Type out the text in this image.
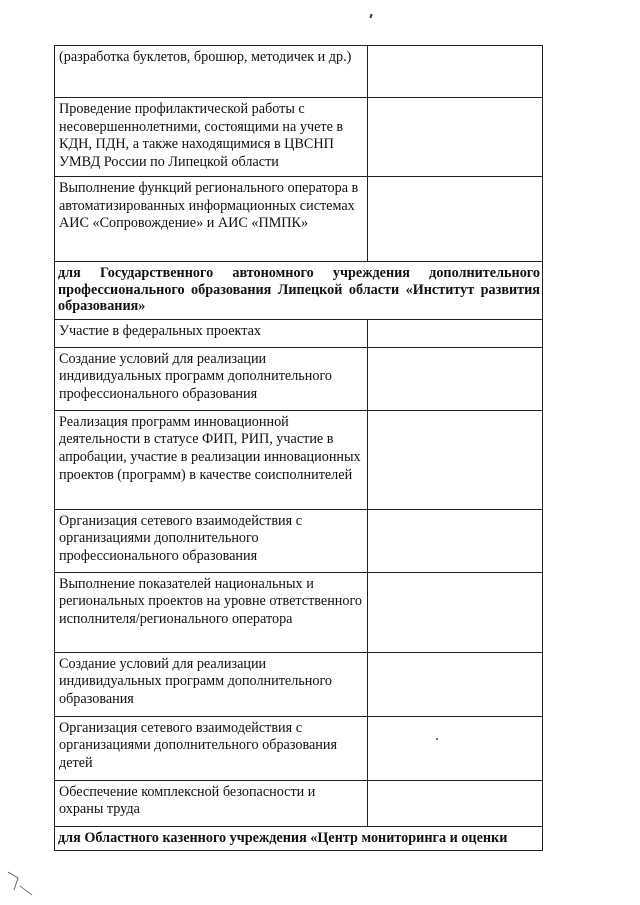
(разработка буклетов, брошюр, методичек и др.)	
Проведение профилактической работы с несовершеннолетними, состоящими на учете в КДН, ПДН, а также находящимися в ЦВСНП УМВД России по Липецкой области	
Выполнение функций регионального оператора в автоматизированных информационных системах АИС «Сопровождение» и АИС «ПМПК»	
для Государственного автономного учреждения дополнительного профессионального образования Липецкой области «Институт развития образования»	
Участие в федеральных проектах	
Создание условий для реализации индивидуальных программ дополнительного профессионального образования	
Реализация программ инновационной деятельности в статусе ФИП, РИП, участие в апробации, участие в реализации инновационных проектов (программ) в качестве соисполнителей	
Организация сетевого взаимодействия с организациями дополнительного профессионального образования	
Выполнение показателей национальных и региональных проектов на уровне ответственного исполнителя/регионального оператора	
Создание условий для реализации индивидуальных программ дополнительного образования	
Организация сетевого взаимодействия с организациями дополнительного образования детей	
Обеспечение комплексной безопасности и охраны труда	
для Областного казенного учреждения «Центр мониторинга и оценки	
